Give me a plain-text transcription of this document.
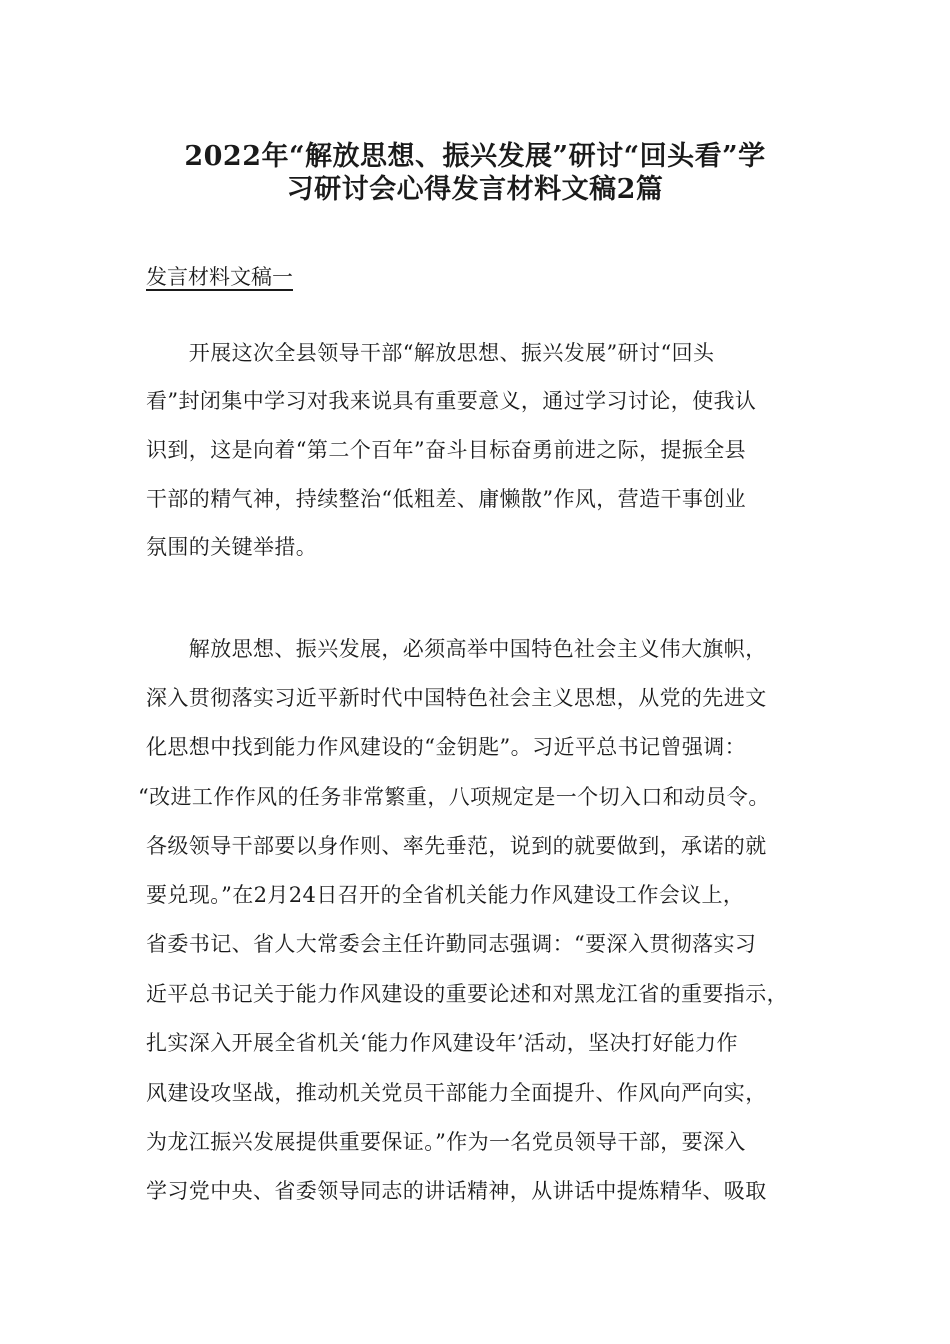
2022年“解放思想、振兴发展”研讨“回头看”学
习研讨会心得发言材料文稿2篇
发言材料文稿一
　　开展这次全县领导干部“解放思想、振兴发展”研讨“回头
看”封闭集中学习对我来说具有重要意义，通过学习讨论，使我认
识到，这是向着“第二个百年”奋斗目标奋勇前进之际，提振全县
干部的精气神，持续整治“低粗差、庸懒散”作风，营造干事创业
氛围的关键举措。
　　解放思想、振兴发展，必须高举中国特色社会主义伟大旗帜，
深入贯彻落实习近平新时代中国特色社会主义思想，从党的先进文
化思想中找到能力作风建设的“金钥匙”。习近平总书记曾强调：
“改进工作作风的任务非常繁重，八项规定是一个切入口和动员令。
各级领导干部要以身作则、率先垂范，说到的就要做到，承诺的就
要兑现。”在2月24日召开的全省机关能力作风建设工作会议上，
省委书记、省人大常委会主任许勤同志强调：“要深入贯彻落实习
近平总书记关于能力作风建设的重要论述和对黑龙江省的重要指示，
扎实深入开展全省机关‘能力作风建设年’活动，坚决打好能力作
风建设攻坚战，推动机关党员干部能力全面提升、作风向严向实，
为龙江振兴发展提供重要保证。”作为一名党员领导干部，要深入
学习党中央、省委领导同志的讲话精神，从讲话中提炼精华、吸取
